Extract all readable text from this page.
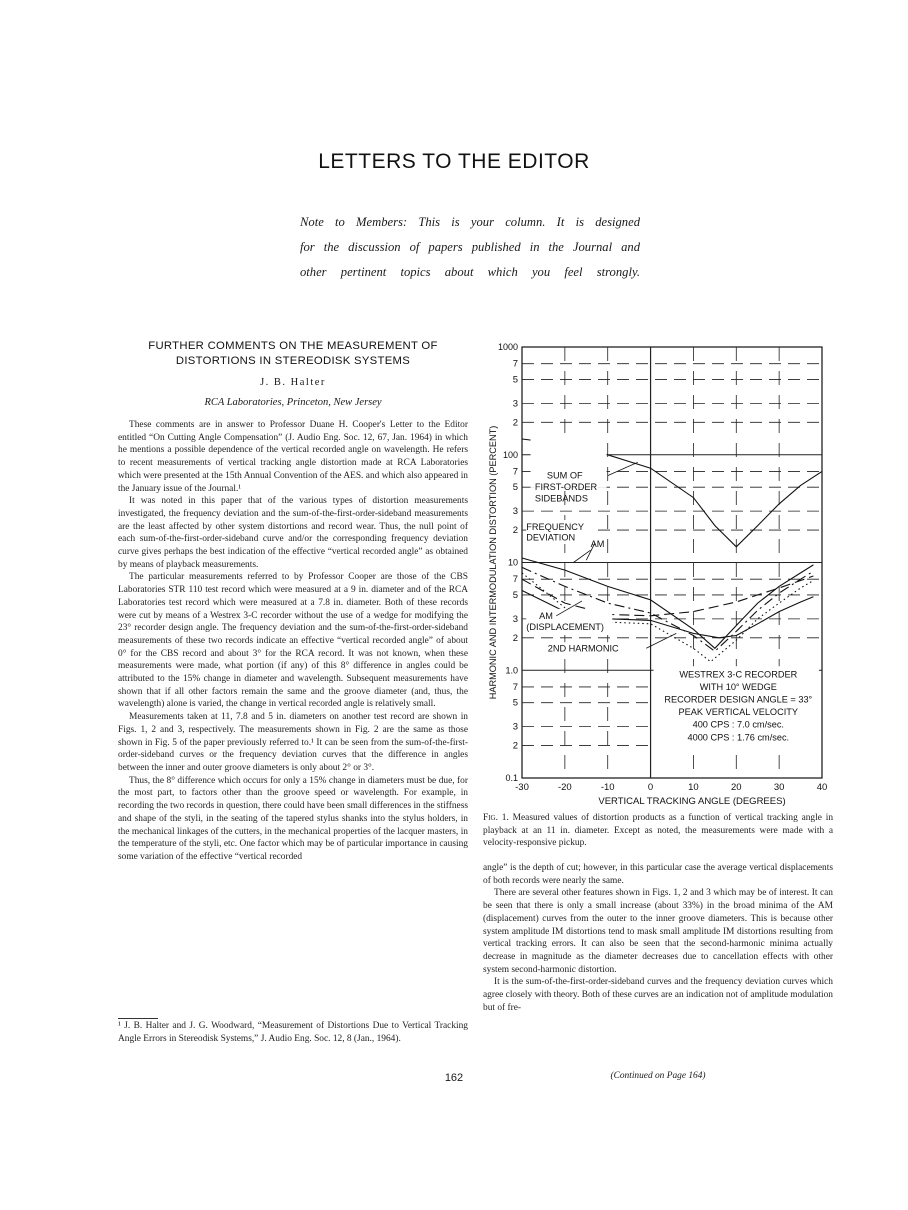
LETTERS TO THE EDITOR
Note to Members: This is your column. It is designed
for the discussion of papers published in the Journal and
other pertinent topics about which you feel strongly.
FURTHER COMMENTS ON THE MEASUREMENT OF
DISTORTIONS IN STEREODISK SYSTEMS
J. B. Halter
RCA Laboratories, Princeton, New Jersey

These comments are in answer to Professor Duane H. Cooper's Letter to the Editor entitled “On Cutting Angle Compensation” (J. Audio Eng. Soc. 12, 67, Jan. 1964) in which he mentions a possible dependence of the vertical recorded angle on wavelength. He refers to recent measurements of vertical tracking angle distortion made at RCA Laboratories which were presented at the 15th Annual Convention of the AES. and which also appeared in the January issue of the Journal.¹

It was noted in this paper that of the various types of distortion measurements investigated, the frequency deviation and the sum-of-the-first-order-sideband measurements are the least affected by other system distortions and record wear. Thus, the null point of each sum-of-the-first-order-sideband curve and/or the corresponding frequency deviation curve gives perhaps the best indication of the effective “vertical recorded angle” as obtained by means of playback measurements.

The particular measurements referred to by Professor Cooper are those of the CBS Laboratories STR 110 test record which were measured at a 9 in. diameter and of the RCA Laboratories test record which were measured at a 7.8 in. diameter. Both of these records were cut by means of a Westrex 3-C recorder without the use of a wedge for modifying the 23° recorder design angle. The frequency deviation and the sum-of-the-first-order-sideband measurements of these two records indicate an effective “vertical recorded angle” of about 0° for the CBS record and about 3° for the RCA record. It was not known, when these measurements were made, what portion (if any) of this 8° difference in angles could be attributed to the 15% change in diameter and wavelength. Subsequent measurements have shown that if all other factors remain the same and the groove diameter (and, thus, the wavelength) alone is varied, the change in vertical recorded angle is relatively small.

Measurements taken at 11, 7.8 and 5 in. diameters on another test record are shown in Figs. 1, 2 and 3, respectively. The measurements shown in Fig. 2 are the same as those shown in Fig. 5 of the paper previously referred to.¹ It can be seen from the sum-of-the-first-order-sideband curves or the frequency deviation curves that the difference in angles between the inner and outer groove diameters is only about 2° or 3°.

Thus, the 8° difference which occurs for only a 15% change in diameters must be due, for the most part, to factors other than the groove speed or wavelength. For example, in recording the two records in question, there could have been small differences in the stiffness and shape of the styli, in the seating of the tapered stylus shanks into the stylus holders, in the mechanical linkages of the cutters, in the mechanical properties of the lacquer masters, in the temperature of the styli, etc. One factor which may be of particular importance in causing some variation of the effective “vertical recorded

¹ J. B. Halter and J. G. Woodward, “Measurement of Distortions Due to Vertical Tracking Angle Errors in Stereodisk Systems,” J. Audio Eng. Soc. 12, 8 (Jan., 1964).
1000
7
5
3
2
100
7
5
3
2
10
7
5
3
2
1.0
7
5
3
2
0.1
-30	-20	-10	0	10	20	30	40
VERTICAL TRACKING ANGLE (DEGREES)
HARMONIC AND INTERMODULATION DISTORTION (PERCENT)	SUM OF
FIRST-ORDER
SIDEBANDS
FREQUENCY
DEVIATION
AM
AM
(DISPLACEMENT)
2ND HARMONIC
WESTREX 3-C RECORDER
WITH 10° WEDGE
RECORDER DESIGN ANGLE = 33°
PEAK VERTICAL VELOCITY
400 CPS : 7.0 cm/sec.
4000 CPS : 1.76 cm/sec.
Fig. 1. Measured values of distortion products as a function of vertical tracking angle in playback at an 11 in. diameter. Except as noted, the measurements were made with a velocity-responsive pickup.

angle” is the depth of cut; however, in this particular case the average vertical displacements of both records were nearly the same.

There are several other features shown in Figs. 1, 2 and 3 which may be of interest. It can be seen that there is only a small increase (about 33%) in the broad minima of the AM (displacement) curves from the outer to the inner groove diameters. This is because other system amplitude IM distortions tend to mask small amplitude IM distortions resulting from vertical tracking errors. It can also be seen that the second-harmonic minima actually decrease in magnitude as the diameter decreases due to cancellation effects with other system second-harmonic distortion.

It is the sum-of-the-first-order-sideband curves and the frequency deviation curves which agree closely with theory. Both of these curves are an indication not of amplitude modulation but of fre-

(Continued on Page 164)
162
